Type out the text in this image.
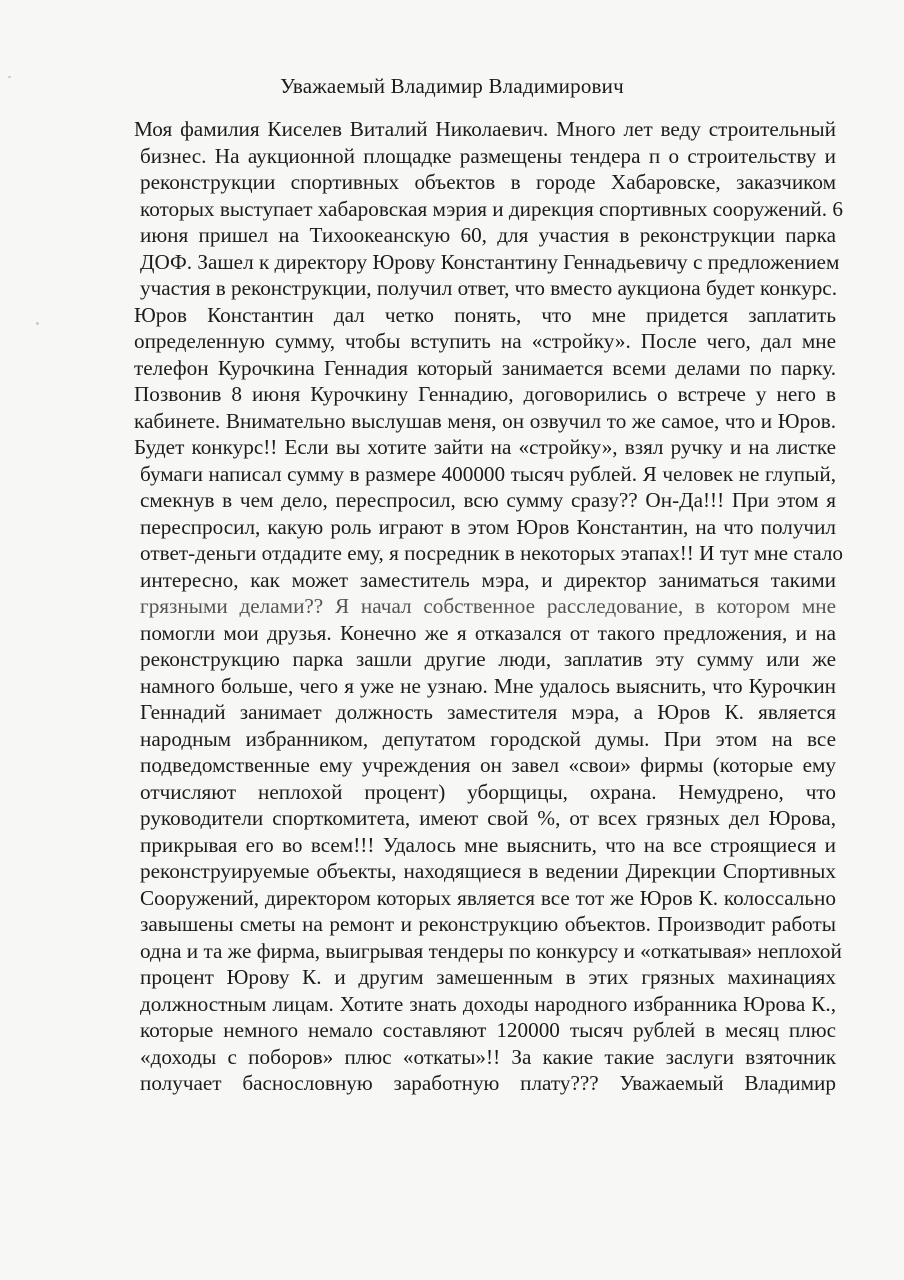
Уважаемый Владимир Владимирович
Моя фамилия Киселев Виталий Николаевич. Много лет веду строительный
бизнес. На аукционной площадке размещены тендера п о строительству и
реконструкции спортивных объектов в городе Хабаровске, заказчиком
которых выступает хабаровская мэрия и дирекция спортивных сооружений. 6
июня пришел на Тихоокеанскую 60, для участия в реконструкции парка
ДОФ. Зашел к директору Юрову Константину Геннадьевичу с предложением
участия в реконструкции, получил ответ, что вместо аукциона будет конкурс.
Юров Константин дал четко понять, что мне придется заплатить
определенную сумму, чтобы вступить на «стройку». После чего, дал мне
телефон Курочкина Геннадия который занимается всеми делами по парку.
Позвонив 8 июня Курочкину Геннадию, договорились о встрече у него в
кабинете. Внимательно выслушав меня, он озвучил то же самое, что и Юров.
Будет конкурс!! Если вы хотите зайти на «стройку», взял ручку и на листке
бумаги написал сумму в размере 400000 тысяч рублей. Я человек не глупый,
смекнув в чем дело, переспросил, всю сумму сразу?? Он-Да!!! При этом я
переспросил, какую роль играют в этом Юров Константин, на что получил
ответ-деньги отдадите ему, я посредник в некоторых этапах!! И тут мне стало
интересно, как может заместитель мэра, и директор заниматься такими
грязными делами?? Я начал собственное расследование, в котором мне
помогли мои друзья. Конечно же я отказался от такого предложения, и на
реконструкцию парка зашли другие люди, заплатив эту сумму или же
намного больше, чего я уже не узнаю. Мне удалось выяснить, что Курочкин
Геннадий занимает должность заместителя мэра, а Юров К. является
народным избранником, депутатом городской думы. При этом на все
подведомственные ему учреждения он завел «свои» фирмы (которые ему
отчисляют неплохой процент) уборщицы, охрана. Немудрено, что
руководители спорткомитета, имеют свой %, от всех грязных дел Юрова,
прикрывая его во всем!!! Удалось мне выяснить, что на все строящиеся и
реконструируемые объекты, находящиеся в ведении Дирекции Спортивных
Сооружений, директором которых является все тот же Юров К. колоссально
завышены сметы на ремонт и реконструкцию объектов. Производит работы
одна и та же фирма, выигрывая тендеры по конкурсу и «откатывая» неплохой
процент Юрову К. и другим замешенным в этих грязных махинациях
должностным лицам. Хотите знать доходы народного избранника Юрова К.,
которые немного немало составляют 120000 тысяч рублей в месяц плюс
«доходы с поборов» плюс «откаты»!! За какие такие заслуги взяточник
получает баснословную заработную плату??? Уважаемый Владимир
